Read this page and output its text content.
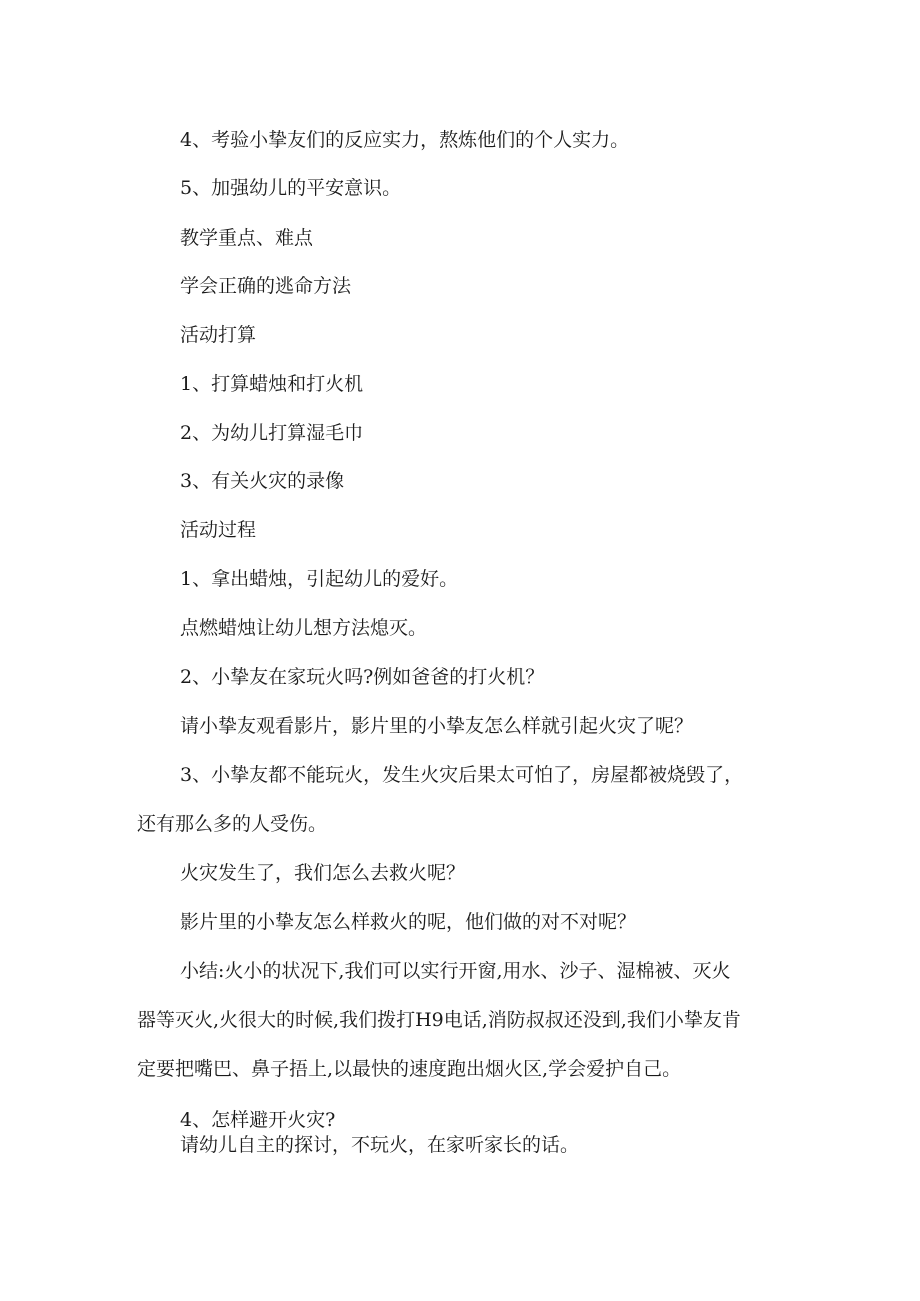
4、考验小挚友们的反应实力，熬炼他们的个人实力。

5、加强幼儿的平安意识。

教学重点、难点

学会正确的逃命方法

活动打算

1、打算蜡烛和打火机

2、为幼儿打算湿毛巾

3、有关火灾的录像

活动过程

1、拿出蜡烛，引起幼儿的爱好。

点燃蜡烛让幼儿想方法熄灭。

2、小挚友在家玩火吗?例如爸爸的打火机？

请小挚友观看影片，影片里的小挚友怎么样就引起火灾了呢？

3、小挚友都不能玩火，发生火灾后果太可怕了，房屋都被烧毁了，

还有那么多的人受伤。

火灾发生了，我们怎么去救火呢？

影片里的小挚友怎么样救火的呢，他们做的对不对呢？

小结:火小的状况下,我们可以实行开窗,用水、沙子、湿棉被、灭火

器等灭火,火很大的时候,我们拨打H9电话,消防叔叔还没到,我们小挚友肯

定要把嘴巴、鼻子捂上,以最快的速度跑出烟火区,学会爱护自己。

4、怎样避开火灾?

请幼儿自主的探讨，不玩火，在家听家长的话。
